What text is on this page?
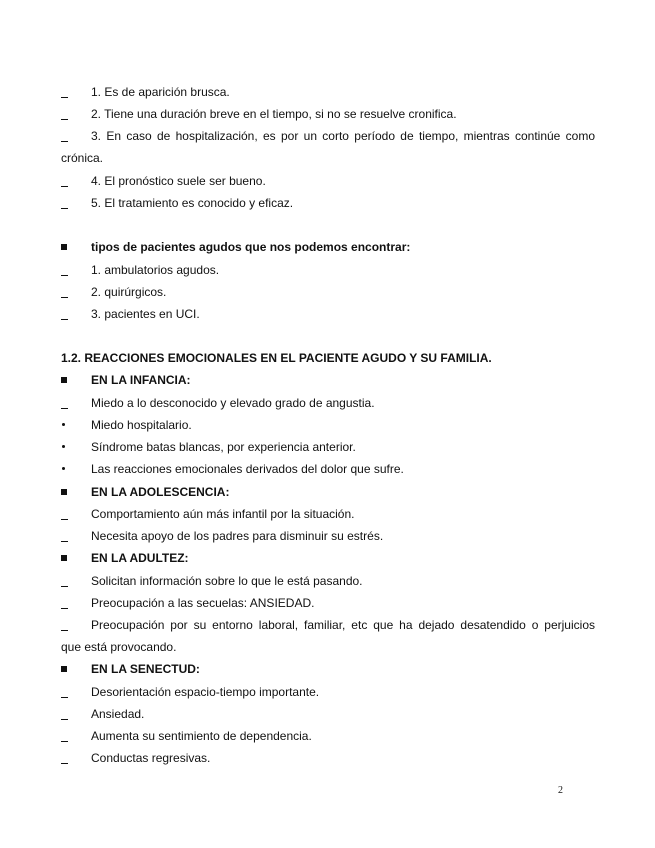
1. Es de aparición brusca.
2. Tiene una duración breve en el tiempo, si no se resuelve cronifica.
3. En caso de hospitalización, es por un corto período de tiempo, mientras continúe como
crónica.
4. El pronóstico suele ser bueno.
5. El tratamiento es conocido y eficaz.
tipos de pacientes agudos que nos podemos encontrar:
1. ambulatorios agudos.
2. quirúrgicos.
3. pacientes en UCI.
1.2. REACCIONES EMOCIONALES EN EL PACIENTE AGUDO Y SU FAMILIA.
EN LA INFANCIA:
Miedo a lo desconocido y elevado grado de angustia.
Miedo hospitalario.
Síndrome batas blancas, por experiencia anterior.
Las reacciones emocionales derivados del dolor que sufre.
EN LA ADOLESCENCIA:
Comportamiento aún más infantil por la situación.
Necesita apoyo de los padres para disminuir su estrés.
EN LA ADULTEZ:
Solicitan información sobre lo que le está pasando.
Preocupación a las secuelas: ANSIEDAD.
Preocupación por su entorno laboral, familiar, etc que ha dejado desatendido o perjuicios
que está provocando.
EN LA SENECTUD:
Desorientación espacio-tiempo importante.
Ansiedad.
Aumenta su sentimiento de dependencia.
Conductas regresivas.
2
